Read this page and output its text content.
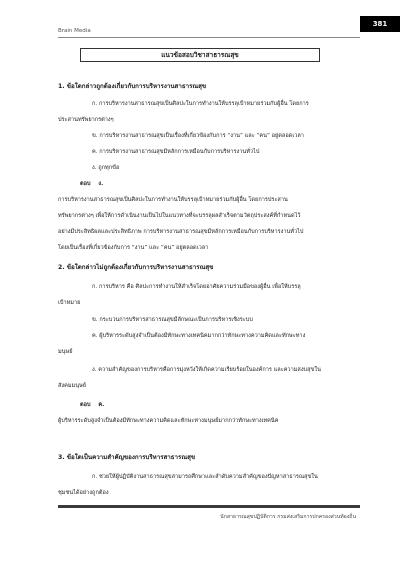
381
Brain Media
แนวข้อสอบวิชาสาธารณสุข
1. ข้อใดกล่าวถูกต้องเกี่ยวกับการบริหารงานสาธารณสุข
ก. การบริหารงานสาธารณสุขเป็นศิลปะในการทำงานให้บรรลุเป้าหมายร่วมกับผู้อื่น โดยการ
ประสานทรัพยากรต่างๆ
ข. การบริหารงานสาธารณสุขเป็นเรื่องที่เกี่ยวข้องกับการ “งาน” และ “คน” อยู่ตลอดเวลา
ค. การบริหารงานสาธารณสุขมีหลักการเหมือนกับการบริหารงานทั่วไป
ง. ถูกทุกข้อ
ตอบ ง.
การบริหารงานสาธารณสุขเป็นศิลปะในการทำงานให้บรรลุเป้าหมายร่วมกับผู้อื่น โดยการประสาน
ทรัพยากรต่างๆ เพื่อให้การดำเนินงานเป็นไปในแนวทางที่จะบรรลุผลสำเร็จตามวัตถุประสงค์ที่กำหนดไว้
อย่างมีประสิทธิผลและประสิทธิภาพ การบริหารงานสาธารณสุขมีหลักการเหมือนกับการบริหารงานทั่วไป
โดยเป็นเรื่องที่เกี่ยวข้องกับการ “งาน” และ “คน” อยู่ตลอดเวลา
2. ข้อใดกล่าวไม่ถูกต้องเกี่ยวกับการบริหารงานสาธารณสุข
ก. การบริหาร คือ ศิลปะการทำงานให้สำเร็จโดยอาศัยความร่วมมือของผู้อื่น เพื่อให้บรรลุ
เป้าหมาย
ข. กระบวนการบริหารสาธารณสุขมีลักษณะเป็นการบริหารเชิงระบบ
ค. ผู้บริหารระดับสูงจำเป็นต้องมีทักษะทางเทคนิคมากกว่าทักษะทางความคิดและทักษะทาง
มนุษย์
ง. ความสำคัญของการบริหารคือการมุ่งหวังให้เกิดความเรียบร้อยในองค์การ และความสงบสุขใน
สังคมมนุษย์
ตอบ ค.
ผู้บริหารระดับสูงจำเป็นต้องมีทักษะทางความคิดและทักษะทางมนุษย์มากกว่าทักษะทางเทคนิค
3. ข้อใดเป็นความสำคัญของการบริหารสาธารณสุข
ก. ช่วยให้ผู้ปฏิบัติงานสาธารณสุขสามารถศึกษาและลำดับความสำคัญของปัญหาสาธารณสุขใน
ชุมชนได้อย่างถูกต้อง
นักสาธารณสุขปฏิบัติการ กรมส่งเสริมการปกครองส่วนท้องถิ่น
